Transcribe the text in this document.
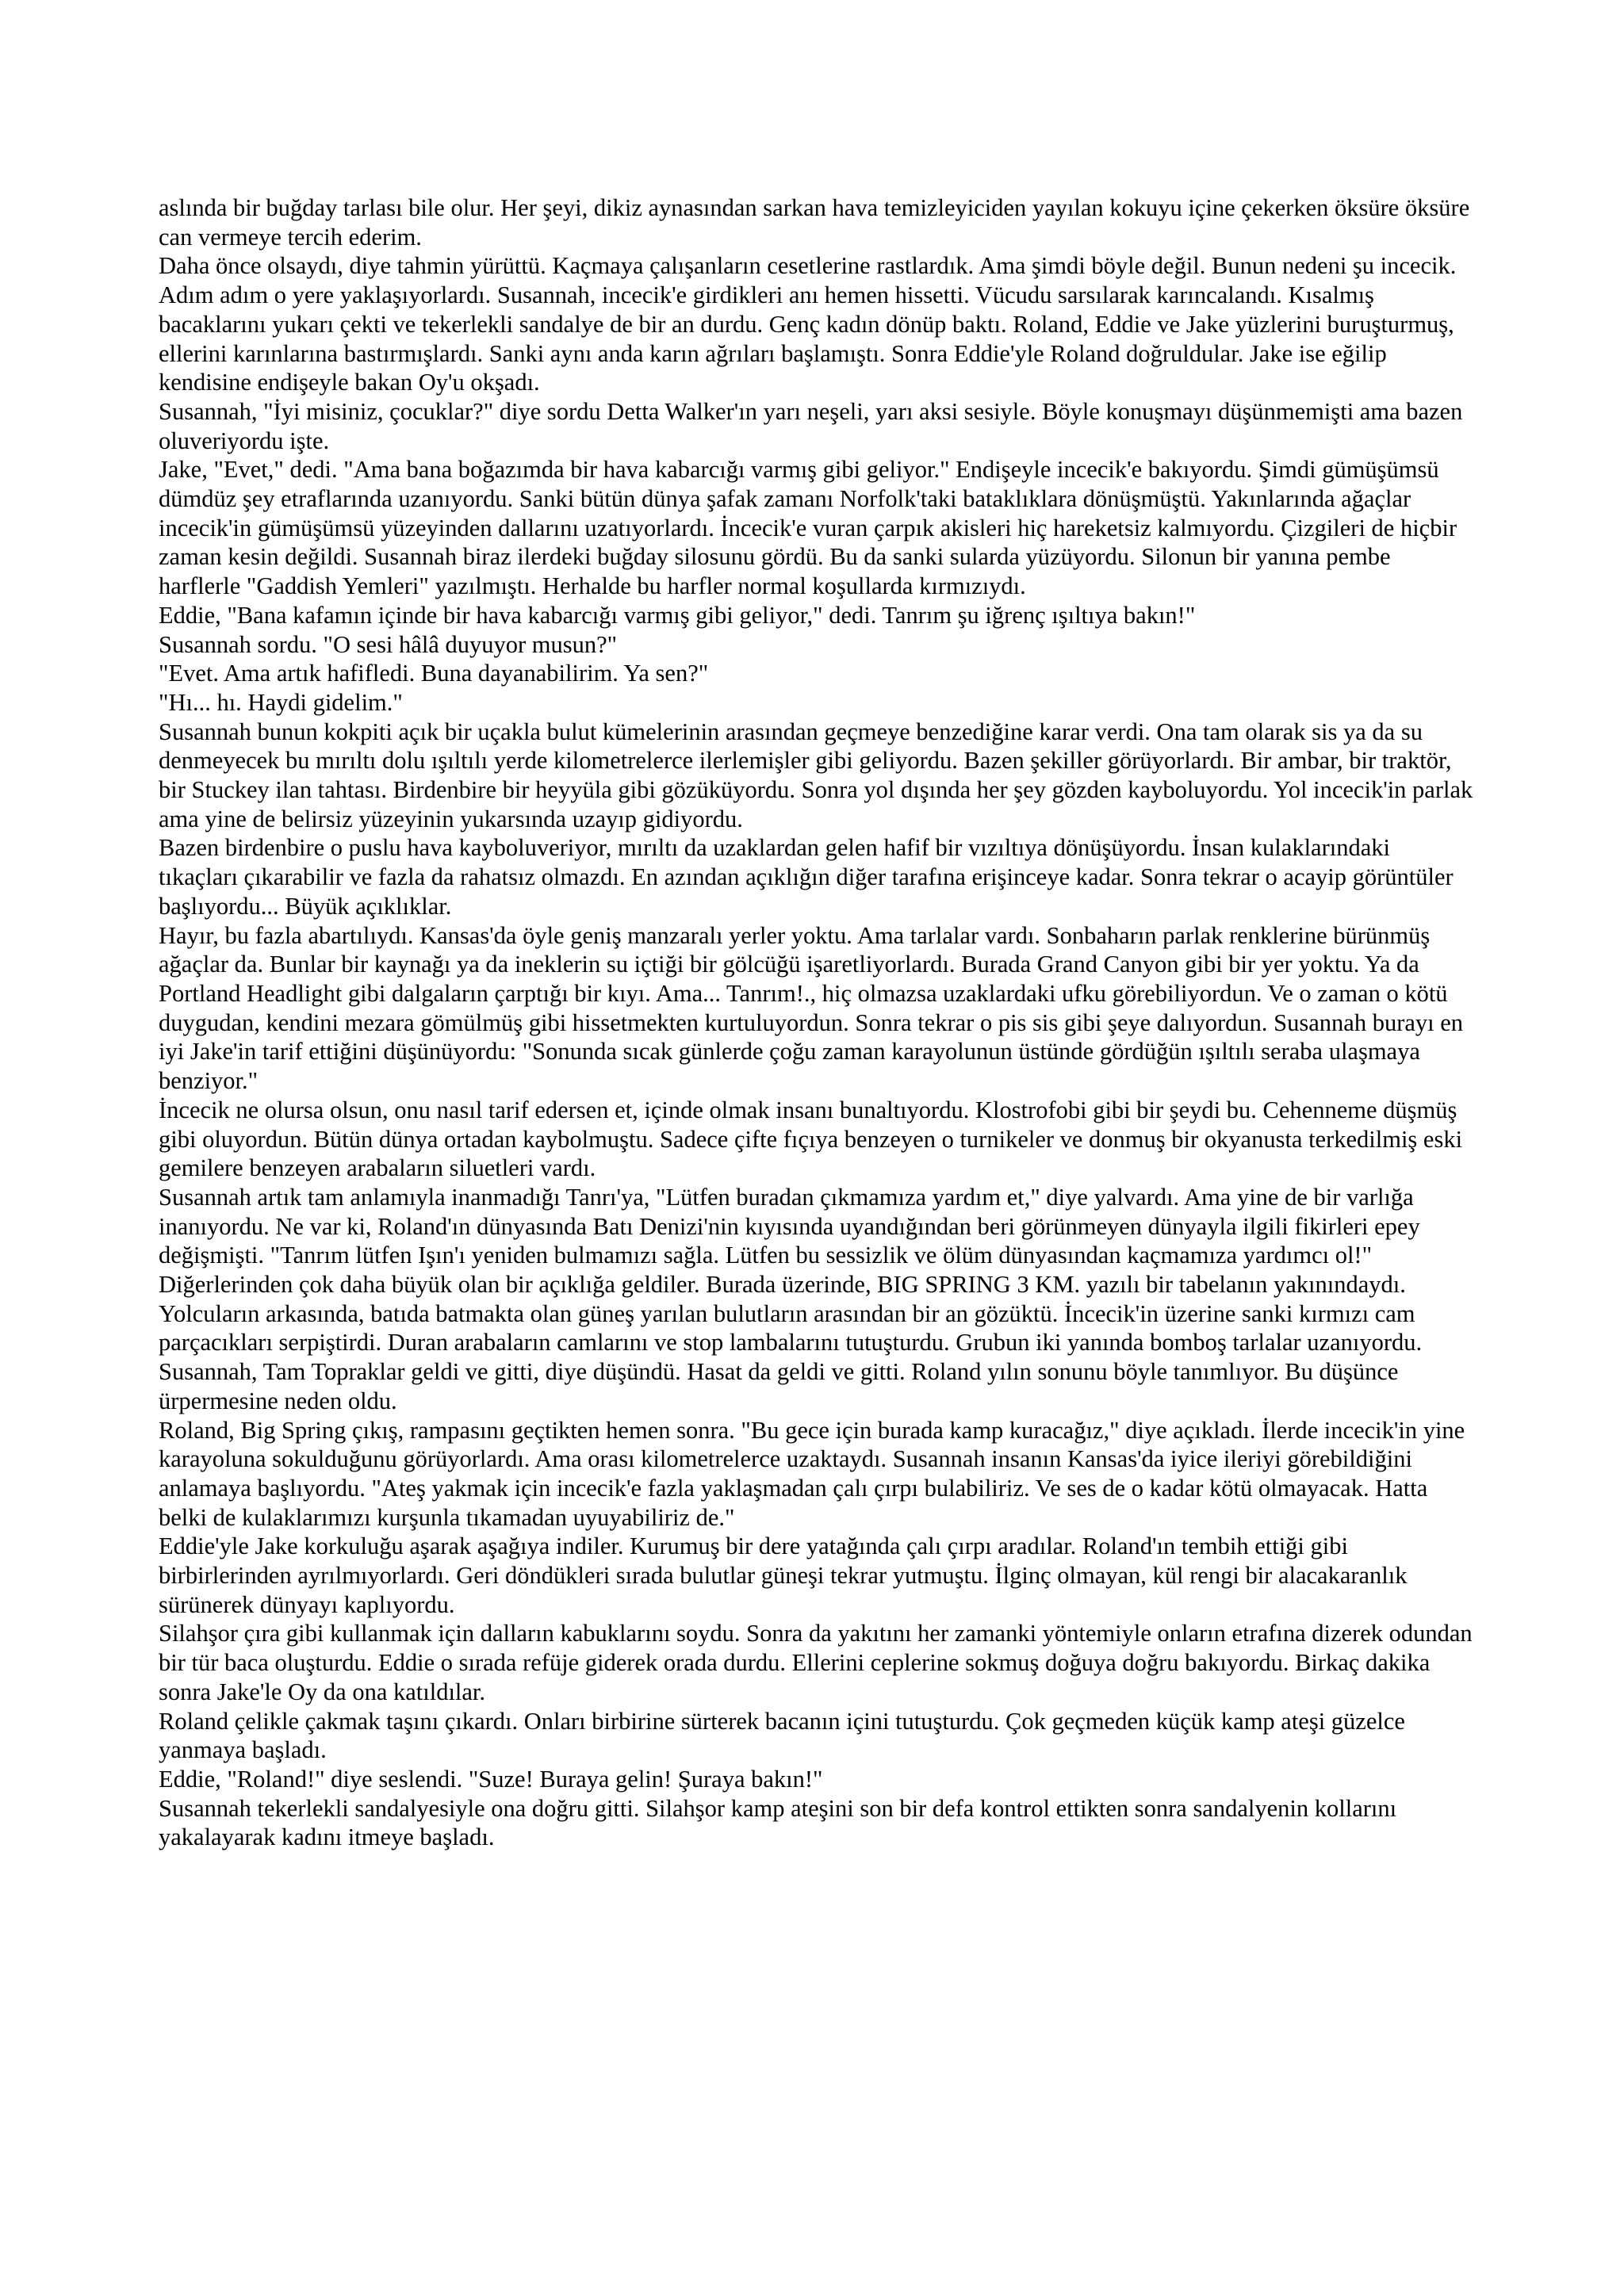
aslında bir buğday tarlası bile olur. Her şeyi, dikiz aynasından sarkan hava temizleyiciden yayılan kokuyu içine çekerken öksüre öksüre can vermeye tercih ederim.

Daha önce olsaydı, diye tahmin yürüttü. Kaçmaya çalışanların cesetlerine rastlardık. Ama şimdi böyle değil. Bunun nedeni şu incecik. Adım adım o yere yaklaşıyorlardı. Susannah, incecik'e girdikleri anı hemen hissetti. Vücudu sarsılarak karıncalandı. Kısalmış bacaklarını yukarı çekti ve tekerlekli sandalye de bir an durdu. Genç kadın dönüp baktı. Roland, Eddie ve Jake yüzlerini buruşturmuş, ellerini karınlarına bastırmışlardı. Sanki aynı anda karın ağrıları başlamıştı. Sonra Eddie'yle Roland doğruldular. Jake ise eğilip kendisine endişeyle bakan Oy'u okşadı.

Susannah, "İyi misiniz, çocuklar?" diye sordu Detta Walker'ın yarı neşeli, yarı aksi sesiyle. Böyle konuşmayı düşünmemişti ama bazen oluveriyordu işte.

Jake, "Evet," dedi. "Ama bana boğazımda bir hava kabarcığı varmış gibi geliyor." Endişeyle incecik'e bakıyordu. Şimdi gümüşümsü dümdüz şey etraflarında uzanıyordu. Sanki bütün dünya şafak zamanı Norfolk'taki bataklıklara dönüşmüştü. Yakınlarında ağaçlar incecik'in gümüşümsü yüzeyinden dallarını uzatıyorlardı. İncecik'e vuran çarpık akisleri hiç hareketsiz kalmıyordu. Çizgileri de hiçbir zaman kesin değildi. Susannah biraz ilerdeki buğday silosunu gördü. Bu da sanki sularda yüzüyordu. Silonun bir yanına pembe harflerle "Gaddish Yemleri" yazılmıştı. Herhalde bu harfler normal koşullarda kırmızıydı.

Eddie, "Bana kafamın içinde bir hava kabarcığı varmış gibi geliyor," dedi. Tanrım şu iğrenç ışıltıya bakın!"

Susannah sordu. "O sesi hâlâ duyuyor musun?"

"Evet. Ama artık hafifledi. Buna dayanabilirim. Ya sen?"

"Hı... hı. Haydi gidelim."

Susannah bunun kokpiti açık bir uçakla bulut kümelerinin arasından geçmeye benzediğine karar verdi. Ona tam olarak sis ya da su denmeyecek bu mırıltı dolu ışıltılı yerde kilometrelerce ilerlemişler gibi geliyordu. Bazen şekiller görüyorlardı. Bir ambar, bir traktör, bir Stuckey ilan tahtası. Birdenbire bir heyyüla gibi gözüküyordu. Sonra yol dışında her şey gözden kayboluyordu. Yol incecik'in parlak ama yine de belirsiz yüzeyinin yukarsında uzayıp gidiyordu.

Bazen birdenbire o puslu hava kayboluveriyor, mırıltı da uzaklardan gelen hafif bir vızıltıya dönüşüyordu. İnsan kulaklarındaki tıkaçları çıkarabilir ve fazla da rahatsız olmazdı. En azından açıklığın diğer tarafına erişinceye kadar. Sonra tekrar o acayip görüntüler başlıyordu... Büyük açıklıklar.

Hayır, bu fazla abartılıydı. Kansas'da öyle geniş manzaralı yerler yoktu. Ama tarlalar vardı. Sonbaharın parlak renklerine bürünmüş ağaçlar da. Bunlar bir kaynağı ya da ineklerin su içtiği bir gölcüğü işaretliyorlardı. Burada Grand Canyon gibi bir yer yoktu. Ya da Portland Headlight gibi dalgaların çarptığı bir kıyı. Ama... Tanrım!., hiç olmazsa uzaklardaki ufku görebiliyordun. Ve o zaman o kötü duygudan, kendini mezara gömülmüş gibi hissetmekten kurtuluyordun. Sonra tekrar o pis sis gibi şeye dalıyordun. Susannah burayı en iyi Jake'in tarif ettiğini düşünüyordu: "Sonunda sıcak günlerde çoğu zaman karayolunun üstünde gördüğün ışıltılı seraba ulaşmaya benziyor."

İncecik ne olursa olsun, onu nasıl tarif edersen et, içinde olmak insanı bunaltıyordu. Klostrofobi gibi bir şeydi bu. Cehenneme düşmüş gibi oluyordun. Bütün dünya ortadan kaybolmuştu. Sadece çifte fıçıya benzeyen o turnikeler ve donmuş bir okyanusta terkedilmiş eski gemilere benzeyen arabaların siluetleri vardı.

Susannah artık tam anlamıyla inanmadığı Tanrı'ya, "Lütfen buradan çıkmamıza yardım et," diye yalvardı. Ama yine de bir varlığa inanıyordu. Ne var ki, Roland'ın dünyasında Batı Denizi'nin kıyısında uyandığından beri görünmeyen dünyayla ilgili fikirleri epey değişmişti. "Tanrım lütfen Işın'ı yeniden bulmamızı sağla. Lütfen bu sessizlik ve ölüm dünyasından kaçmamıza yardımcı ol!"

Diğerlerinden çok daha büyük olan bir açıklığa geldiler. Burada üzerinde, BIG SPRING 3 KM. yazılı bir tabelanın yakınındaydı. Yolcuların arkasında, batıda batmakta olan güneş yarılan bulutların arasından bir an gözüktü. İncecik'in üzerine sanki kırmızı cam parçacıkları serpiştirdi. Duran arabaların camlarını ve stop lambalarını tutuşturdu. Grubun iki yanında bomboş tarlalar uzanıyordu. Susannah, Tam Topraklar geldi ve gitti, diye düşündü. Hasat da geldi ve gitti. Roland yılın sonunu böyle tanımlıyor. Bu düşünce ürpermesine neden oldu.

Roland, Big Spring çıkış, rampasını geçtikten hemen sonra. "Bu gece için burada kamp kuracağız," diye açıkladı. İlerde incecik'in yine karayoluna sokulduğunu görüyorlardı. Ama orası kilometrelerce uzaktaydı. Susannah insanın Kansas'da iyice ileriyi görebildiğini anlamaya başlıyordu. "Ateş yakmak için incecik'e fazla yaklaşmadan çalı çırpı bulabiliriz. Ve ses de o kadar kötü olmayacak. Hatta belki de kulaklarımızı kurşunla tıkamadan uyuyabiliriz de."

Eddie'yle Jake korkuluğu aşarak aşağıya indiler. Kurumuş bir dere yatağında çalı çırpı aradılar. Roland'ın tembih ettiği gibi birbirlerinden ayrılmıyorlardı. Geri döndükleri sırada bulutlar güneşi tekrar yutmuştu. İlginç olmayan, kül rengi bir alacakaranlık sürünerek dünyayı kaplıyordu.

Silahşor çıra gibi kullanmak için dalların kabuklarını soydu. Sonra da yakıtını her zamanki yöntemiyle onların etrafına dizerek odundan bir tür baca oluşturdu. Eddie o sırada refüje giderek orada durdu. Ellerini ceplerine sokmuş doğuya doğru bakıyordu. Birkaç dakika sonra Jake'le Oy da ona katıldılar.

Roland çelikle çakmak taşını çıkardı. Onları birbirine sürterek bacanın içini tutuşturdu. Çok geçmeden küçük kamp ateşi güzelce yanmaya başladı.

Eddie, "Roland!" diye seslendi. "Suze! Buraya gelin! Şuraya bakın!"

Susannah tekerlekli sandalyesiyle ona doğru gitti. Silahşor kamp ateşini son bir defa kontrol ettikten sonra sandalyenin kollarını yakalayarak kadını itmeye başladı.
